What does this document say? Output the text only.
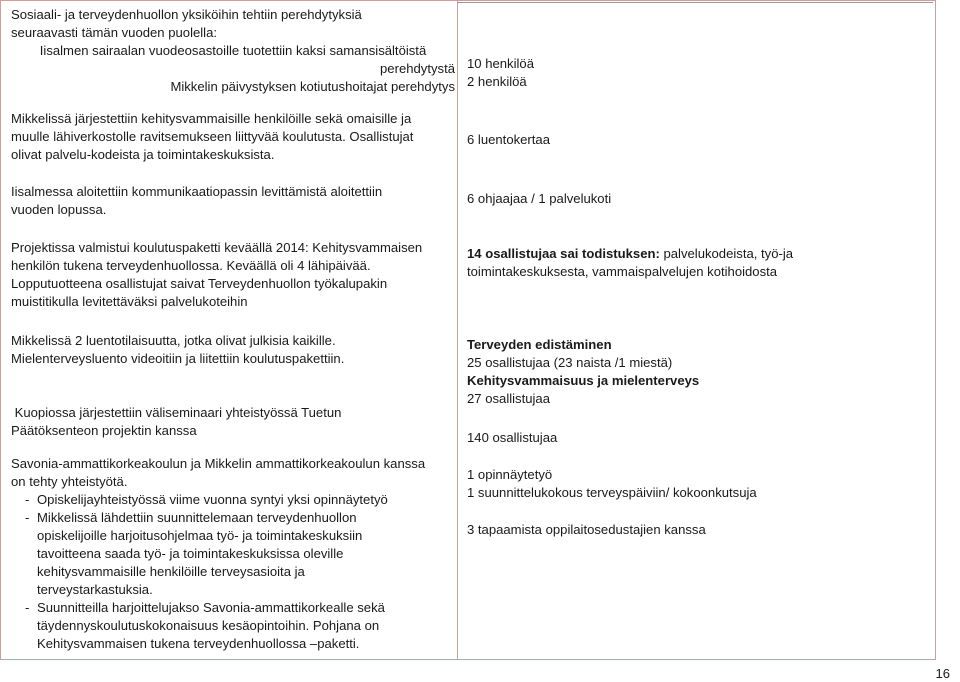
Sosiaali- ja terveydenhuollon yksiköihin tehtiin perehdytyksiä
seuraavasti tämän vuoden puolella:
Iisalmen sairaalan vuodeosastoille tuotettiin kaksi samansisältöistä
perehdytystä
Mikkelin päivystyksen kotiutushoitajat perehdytys
Mikkelissä järjestettiin kehitysvammaisille henkilöille sekä omaisille ja
muulle lähiverkostolle ravitsemukseen liittyvää koulutusta. Osallistujat
olivat palvelu-kodeista ja toimintakeskuksista.
Iisalmessa aloitettiin kommunikaatiopassin levittämistä aloitettiin
vuoden lopussa.
Projektissa valmistui koulutuspaketti keväällä 2014: Kehitysvammaisen
henkilön tukena terveydenhuollossa. Keväällä oli 4 lähipäivää.
Lopputuotteena osallistujat saivat Terveydenhuollon työkalupakin
muistitikulla levitettäväksi palvelukoteihin
Mikkelissä 2 luentotilaisuutta, jotka olivat julkisia kaikille.
Mielenterveysluento videoitiin ja liitettiin koulutuspakettiin.
Kuopiossa järjestettiin väliseminaari yhteistyössä Tuetun
Päätöksenteon projektin kanssa
Savonia-ammattikorkeakoulun ja Mikkelin ammattikorkeakoulun kanssa
on tehty yhteistyötä.
- Opiskelijayhteistyössä viime vuonna syntyi yksi opinnäytetyö
- Mikkelissä lähdettiin suunnittelemaan terveydenhuollon
opiskelijoille harjoitusohjelmaa työ- ja toimintakeskuksiin
tavoitteena saada työ- ja toimintakeskuksissa oleville
kehitysvammaisille henkilöille terveysasioita ja
terveystarkastuksia.
- Suunnitteilla harjoittelujakso Savonia-ammattikorkealle sekä
täydennyskoulutuskokonaisuus kesäopintoihin. Pohjana on
Kehitysvammaisen tukena terveydenhuollossa –paketti.
10 henkilöä
2 henkilöä
6 luentokertaa
6 ohjaajaa / 1 palvelukoti
14 osallistujaa sai todistuksen: palvelukodeista, työ-ja
toimintakeskuksesta, vammaispalvelujen kotihoidosta
Terveyden edistäminen
25 osallistujaa (23 naista /1 miestä)
Kehitysvammaisuus ja mielenterveys
27 osallistujaa
140 osallistujaa
1 opinnäytetyö
1 suunnittelukokous terveyspäiviin/ kokoonkutsuja
3 tapaamista oppilaitosedustajien kanssa
16
